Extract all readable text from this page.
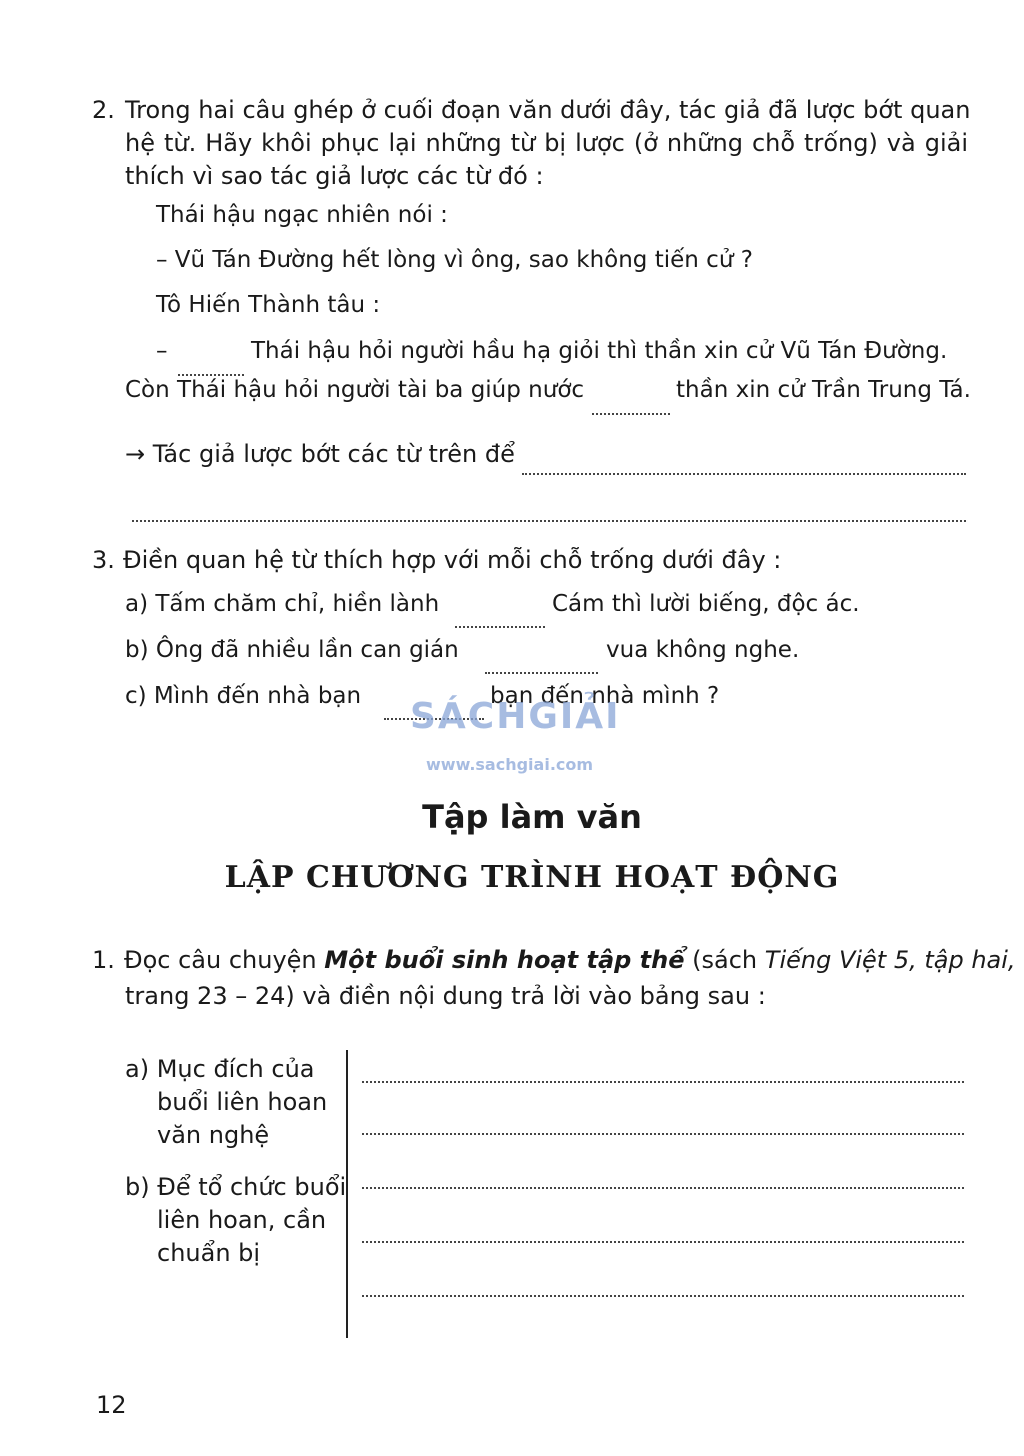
2. Trong hai câu ghép ở cuối đoạn văn dưới đây, tác giả đã lược bớt quan
hệ từ. Hãy khôi phục lại những từ bị lược (ở những chỗ trống) và giải
thích vì sao tác giả lược các từ đó :
Thái hậu ngạc nhiên nói :
– Vũ Tán Đường hết lòng vì ông, sao không tiến cử ?
Tô Hiến Thành tâu :
–	Thái hậu hỏi người hầu hạ giỏi thì thần xin cử Vũ Tán Đường.
Còn Thái hậu hỏi người tài ba giúp nước	thần xin cử Trần Trung Tá.
→ Tác giả lược bớt các từ trên để
3. Điền quan hệ từ thích hợp với mỗi chỗ trống dưới đây :
a) Tấm chăm chỉ, hiền lành	Cám thì lười biếng, độc ác.
b) Ông đã nhiều lần can gián	vua không nghe.
c) Mình đến nhà bạn	bạn đến nhà mình ?
SÁCHGIẢI
www.sachgiai.com
Tập làm văn
LẬP CHƯƠNG TRÌNH HOẠT ĐỘNG
1. Đọc câu chuyện Một buổi sinh hoạt tập thể (sách Tiếng Việt 5, tập hai,
trang 23 – 24) và điền nội dung trả lời vào bảng sau :
a) Mục đích của
buổi liên hoan
văn nghệ
b) Để tổ chức buổi
liên hoan, cần
chuẩn bị
12
